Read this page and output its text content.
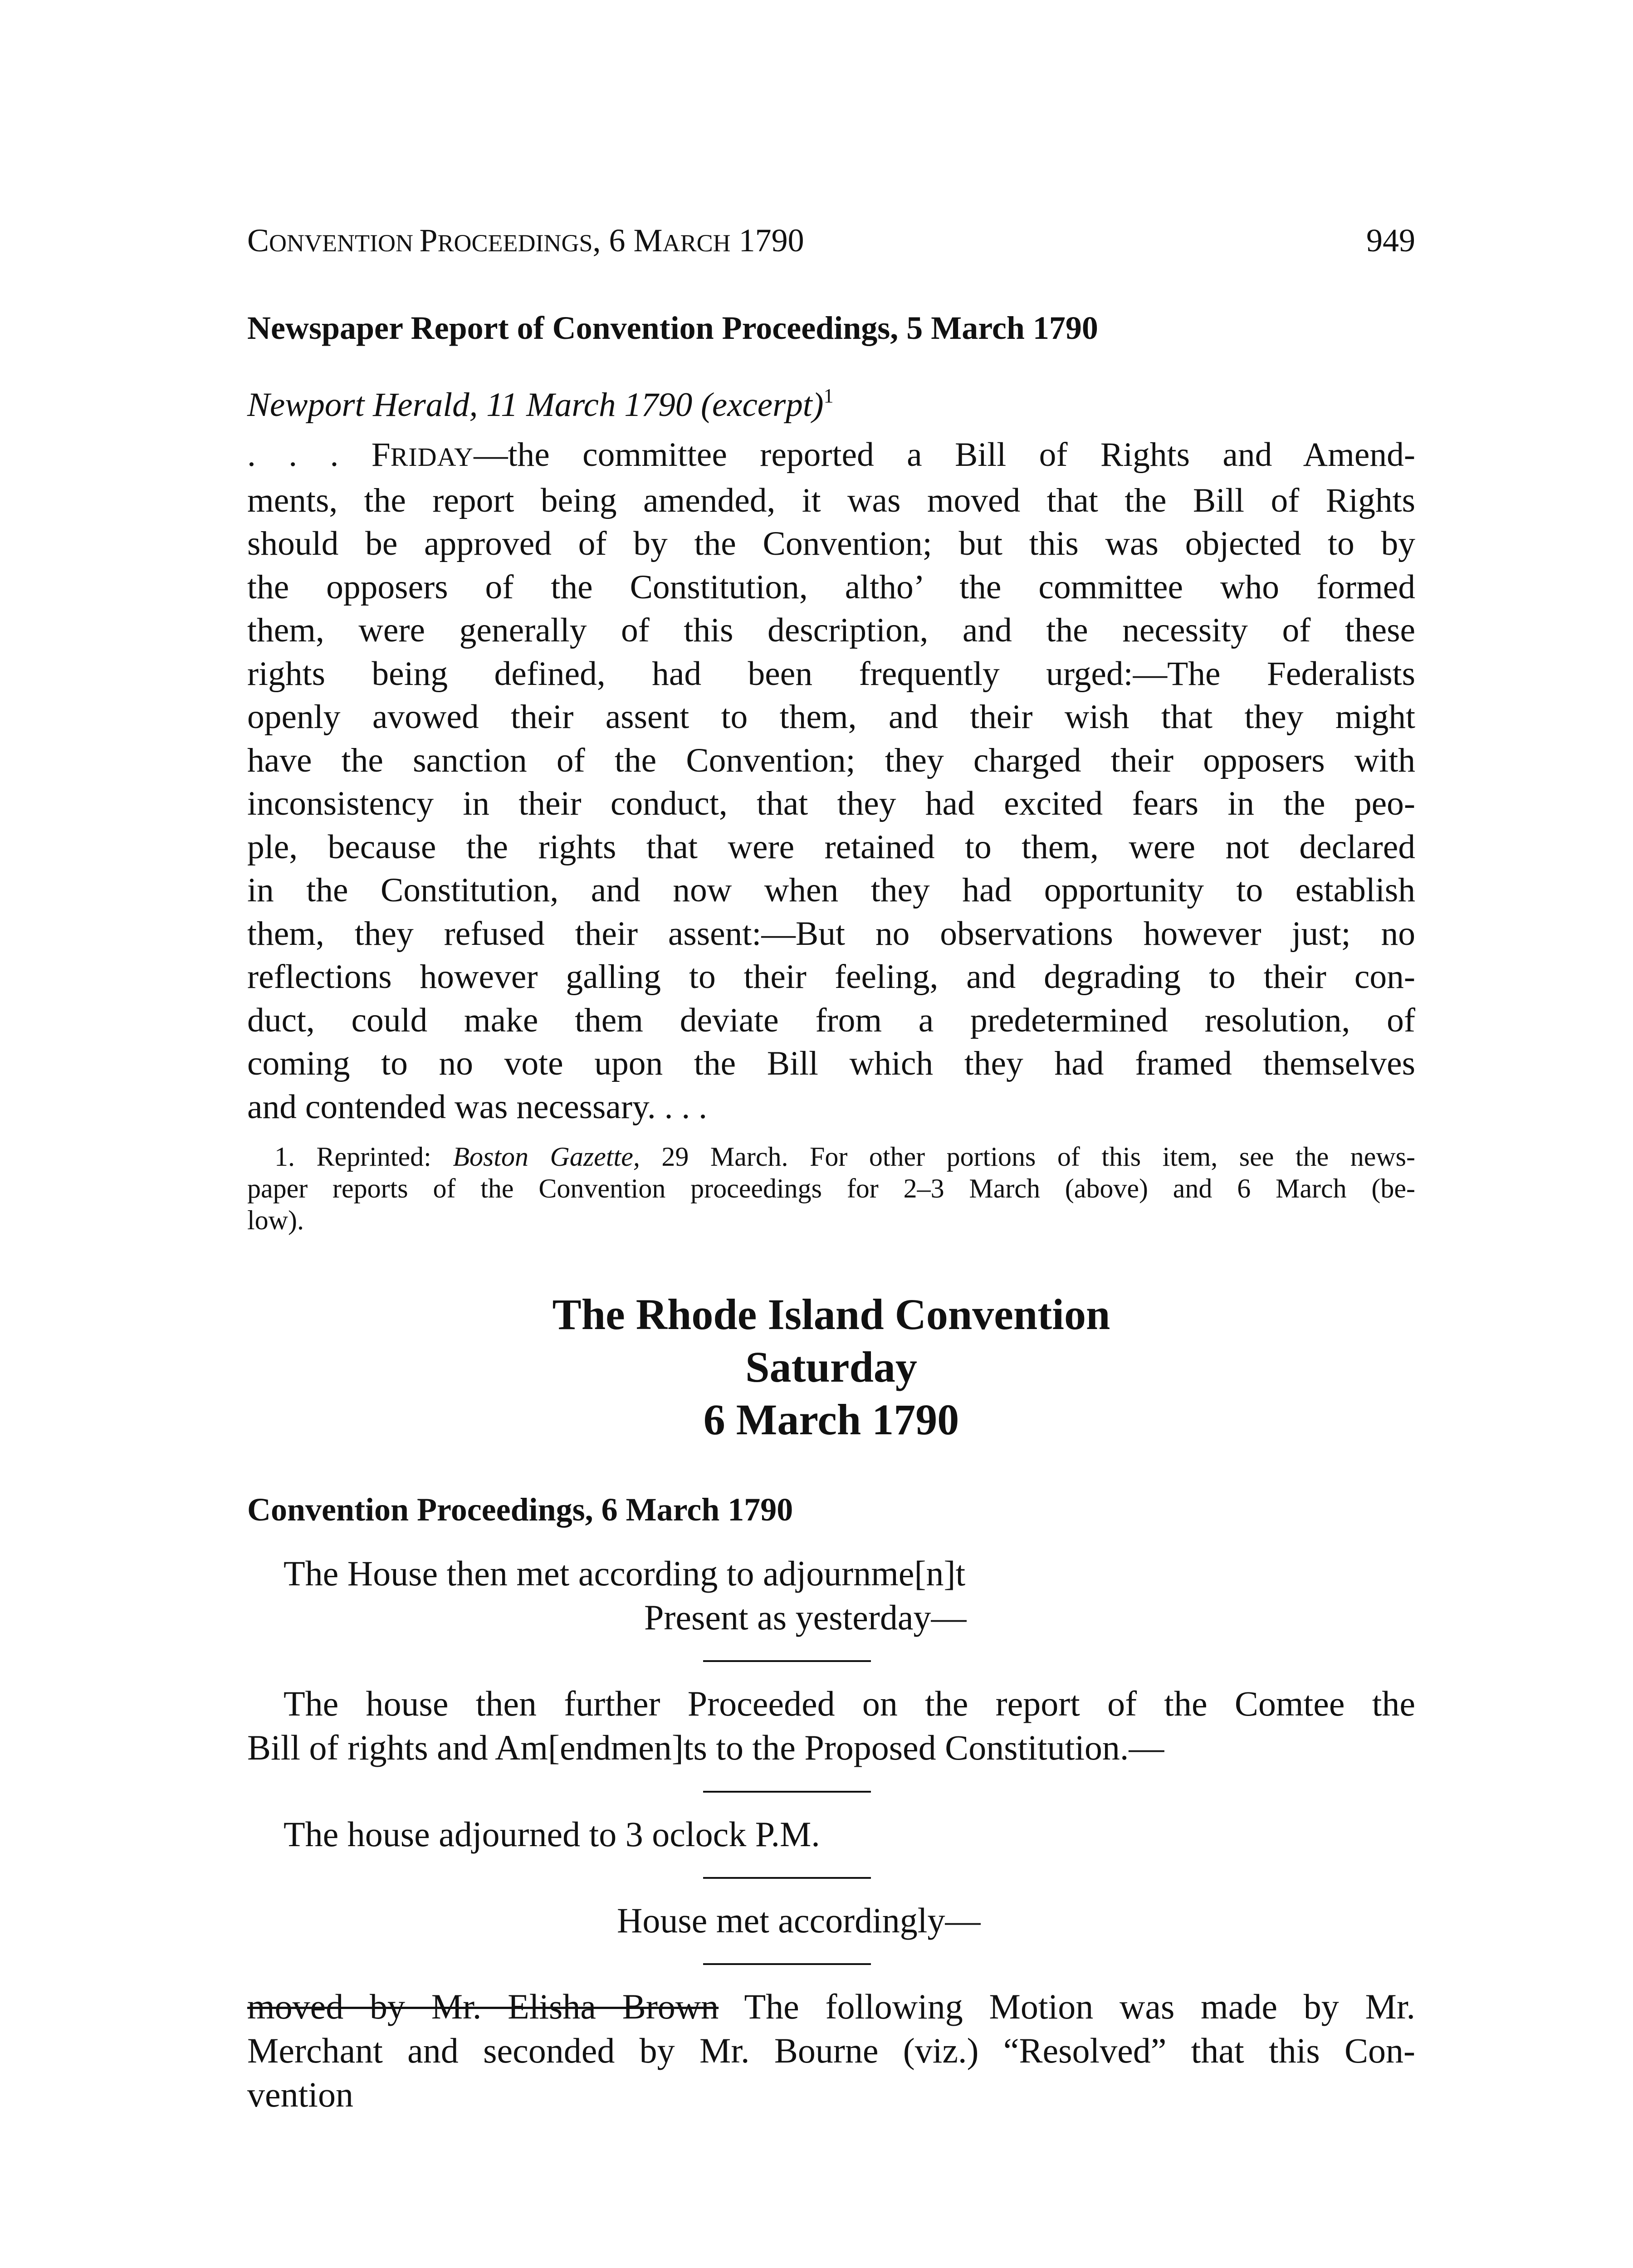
CONVENTION PROCEEDINGS, 6 MARCH 1790	949
Newspaper Report of Convention Proceedings, 5 March 1790
Newport Herald, 11 March 1790 (excerpt)$^1$
. . . FRIDAY—the committee reported a Bill of Rights and Amend-
ments, the report being amended, it was moved that the Bill of Rights
should be approved of by the Convention; but this was objected to by
the opposers of the Constitution, altho’ the committee who formed
them, were generally of this description, and the necessity of these
rights being defined, had been frequently urged:—The Federalists
openly avowed their assent to them, and their wish that they might
have the sanction of the Convention; they charged their opposers with
inconsistency in their conduct, that they had excited fears in the peo-
ple, because the rights that were retained to them, were not declared
in the Constitution, and now when they had opportunity to establish
them, they refused their assent:—But no observations however just; no
reflections however galling to their feeling, and degrading to their con-
duct, could make them deviate from a predetermined resolution, of
coming to no vote upon the Bill which they had framed themselves
and contended was necessary. . . .
1. Reprinted: Boston Gazette, 29 March. For other portions of this item, see the news-
paper reports of the Convention proceedings for 2–3 March (above) and 6 March (be-
low).
The Rhode Island Convention
Saturday
6 March 1790
Convention Proceedings, 6 March 1790
The House then met according to adjournme[n]t
Present as yesterday—
The house then further Proceeded on the report of the Comtee the
Bill of rights and Am[endmen]ts to the Proposed Constitution.—
The house adjourned to 3 oclock P.M.
House met accordingly—
moved by Mr. Elisha Brown The following Motion was made by Mr.
Merchant and seconded by Mr. Bourne (viz.) “Resolved” that this Con-
vention
